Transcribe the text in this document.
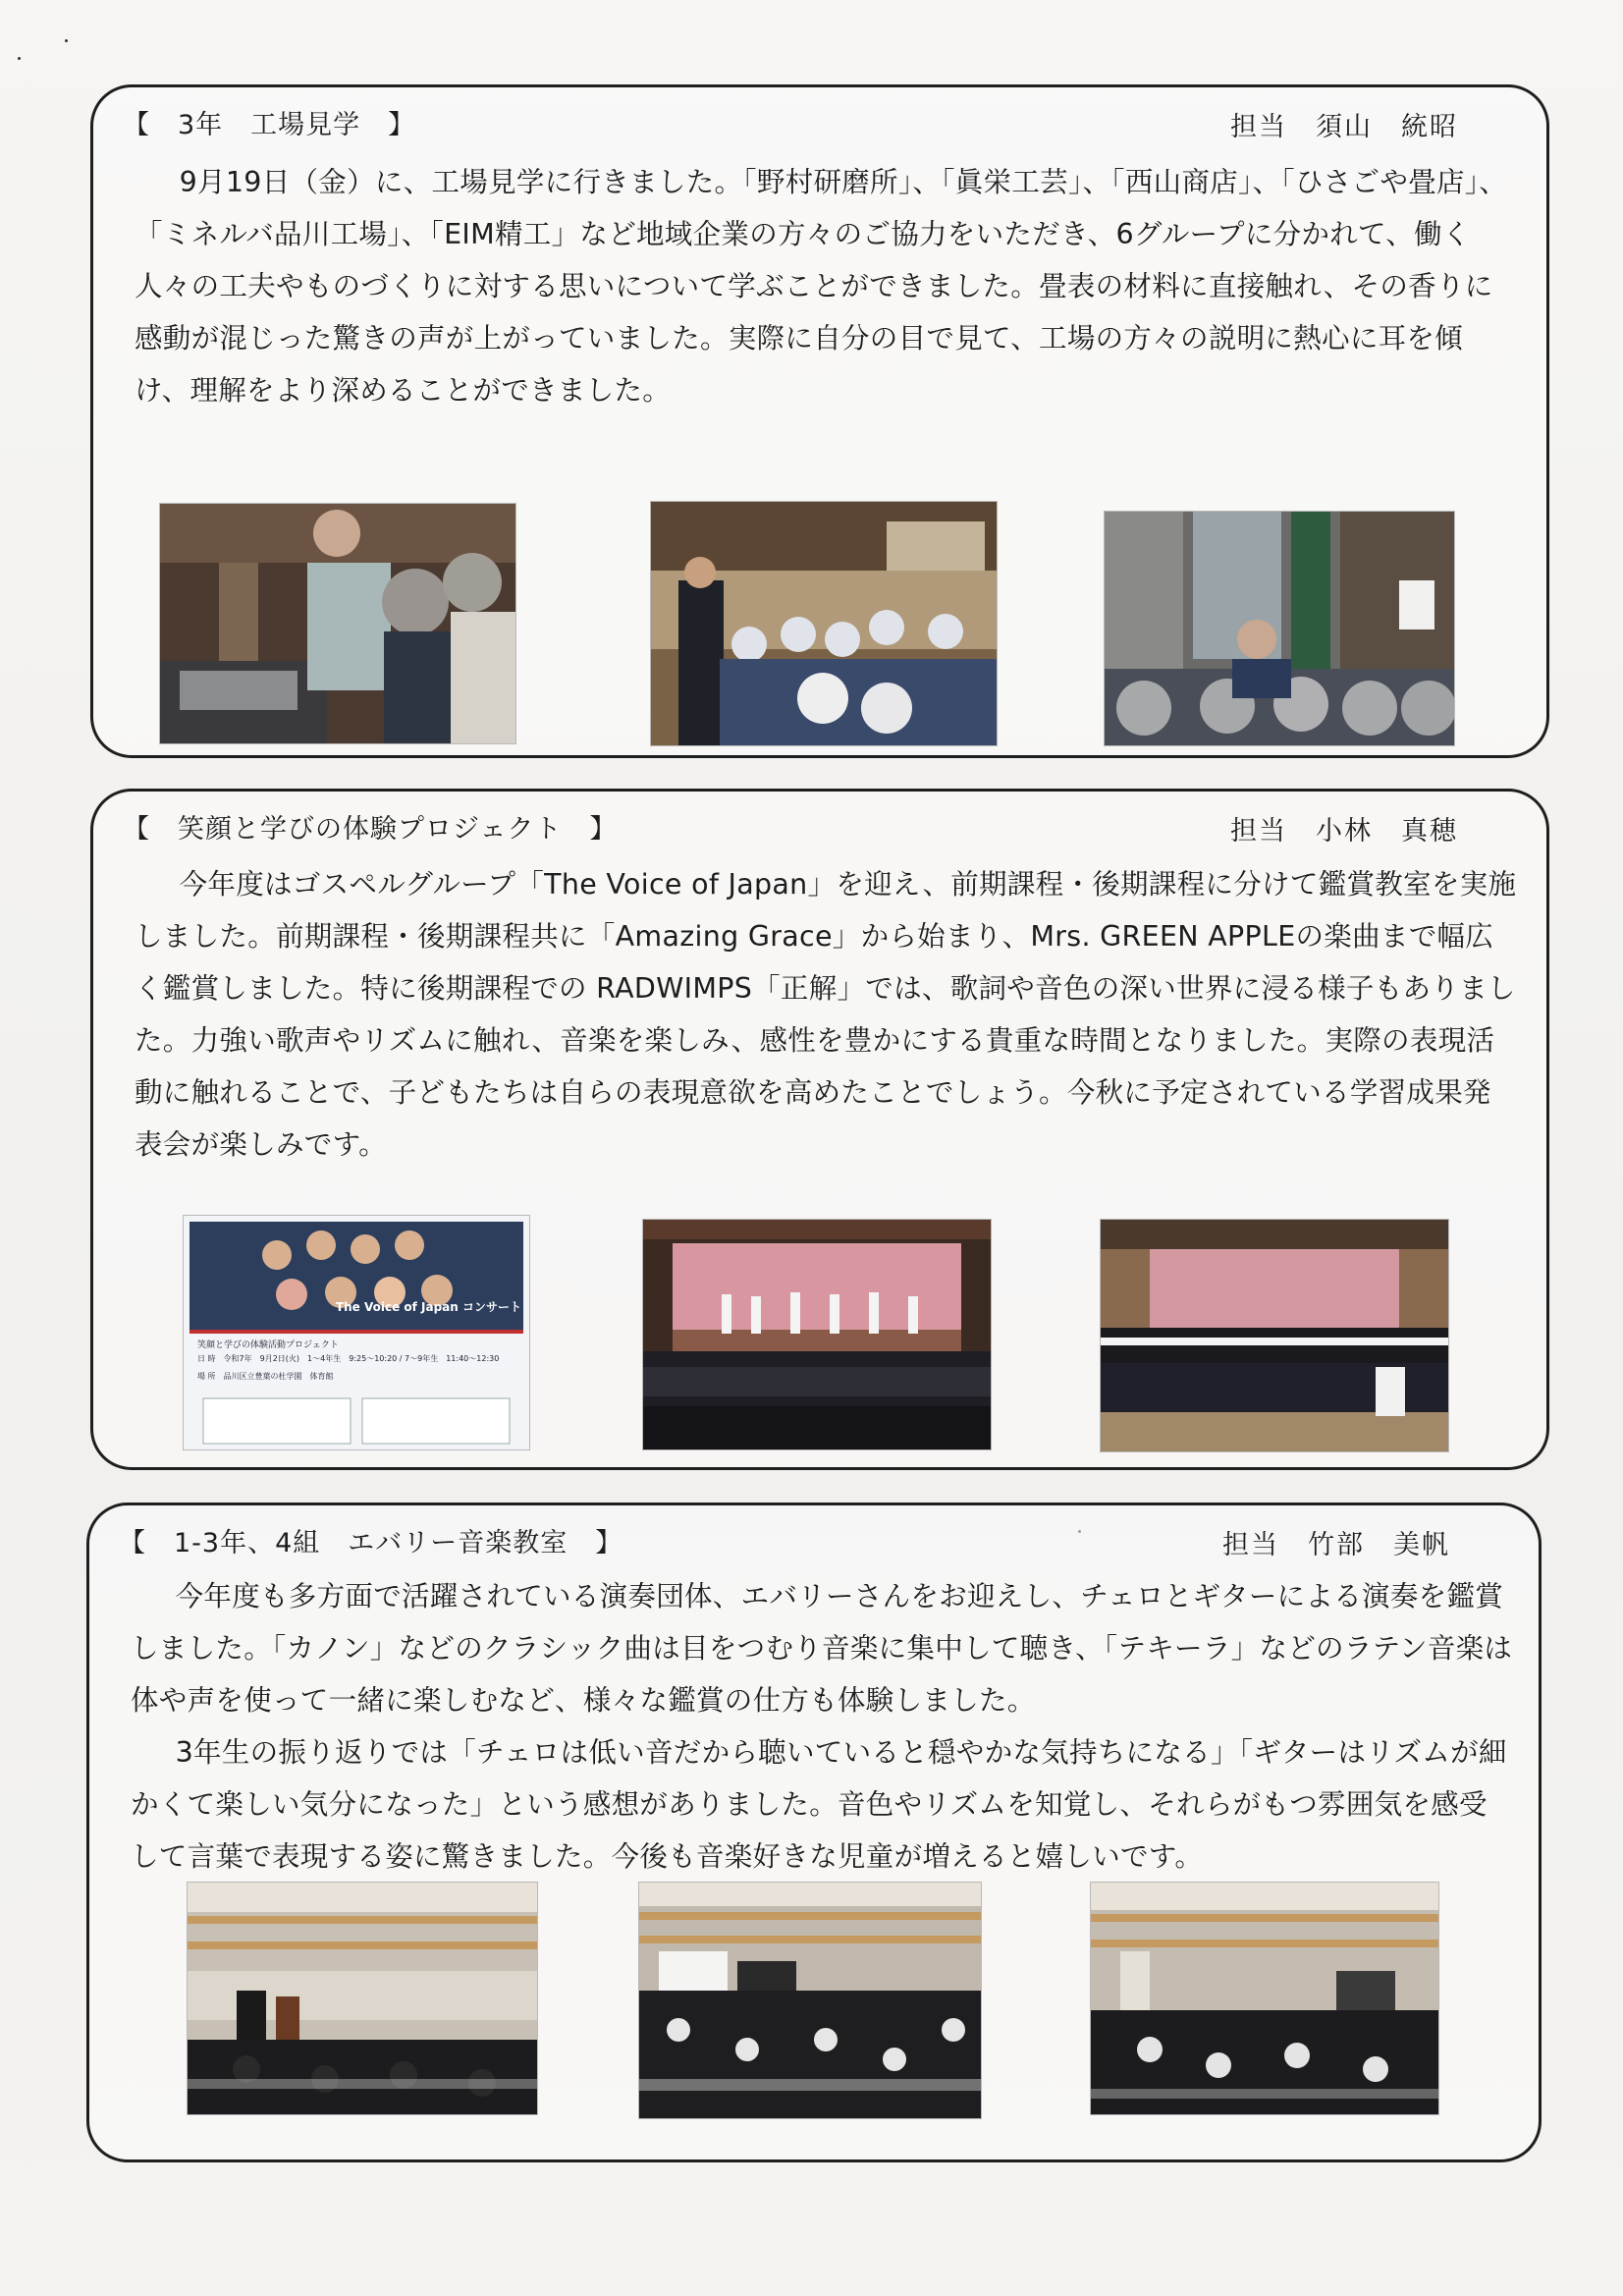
【　3年　工場見学　】	担当　須山　統昭

9月19日（金）に、工場見学に行きました。「野村研磨所」、「眞栄工芸」、「西山商店」、「ひさごや畳店」、「ミネルバ品川工場」、「EIM精工」など地域企業の方々のご協力をいただき、6グループに分かれて、働く人々の工夫やものづくりに対する思いについて学ぶことができました。畳表の材料に直接触れ、その香りに感動が混じった驚きの声が上がっていました。実際に自分の目で見て、工場の方々の説明に熱心に耳を傾け、理解をより深めることができました。

【　笑顔と学びの体験プロジェクト　】	担当　小林　真穂

今年度はゴスペルグループ「The Voice of Japan」を迎え、前期課程・後期課程に分けて鑑賞教室を実施しました。前期課程・後期課程共に「Amazing Grace」から始まり、Mrs. GREEN APPLEの楽曲まで幅広く鑑賞しました。特に後期課程での RADWIMPS「正解」では、歌詞や音色の深い世界に浸る様子もありました。力強い歌声やリズムに触れ、音楽を楽しみ、感性を豊かにする貴重な時間となりました。実際の表現活動に触れることで、子どもたちは自らの表現意欲を高めたことでしょう。今秋に予定されている学習成果発表会が楽しみです。

The Voice of Japan コンサート
笑顔と学びの体験活動プロジェクト
日 時　令和7年　9月2日(火)　1〜4年生　9:25〜10:20 / 7〜9年生　11:40〜12:30
場 所　品川区立豊葉の杜学園　体育館
【　1-3年、4組　エバリー音楽教室　】	担当　竹部　美帆

今年度も多方面で活躍されている演奏団体、エバリーさんをお迎えし、チェロとギターによる演奏を鑑賞しました。「カノン」などのクラシック曲は目をつむり音楽に集中して聴き、「テキーラ」などのラテン音楽は体や声を使って一緒に楽しむなど、様々な鑑賞の仕方も体験しました。

3年生の振り返りでは「チェロは低い音だから聴いていると穏やかな気持ちになる」「ギターはリズムが細かくて楽しい気分になった」という感想がありました。音色やリズムを知覚し、それらがもつ雰囲気を感受して言葉で表現する姿に驚きました。今後も音楽好きな児童が増えると嬉しいです。
